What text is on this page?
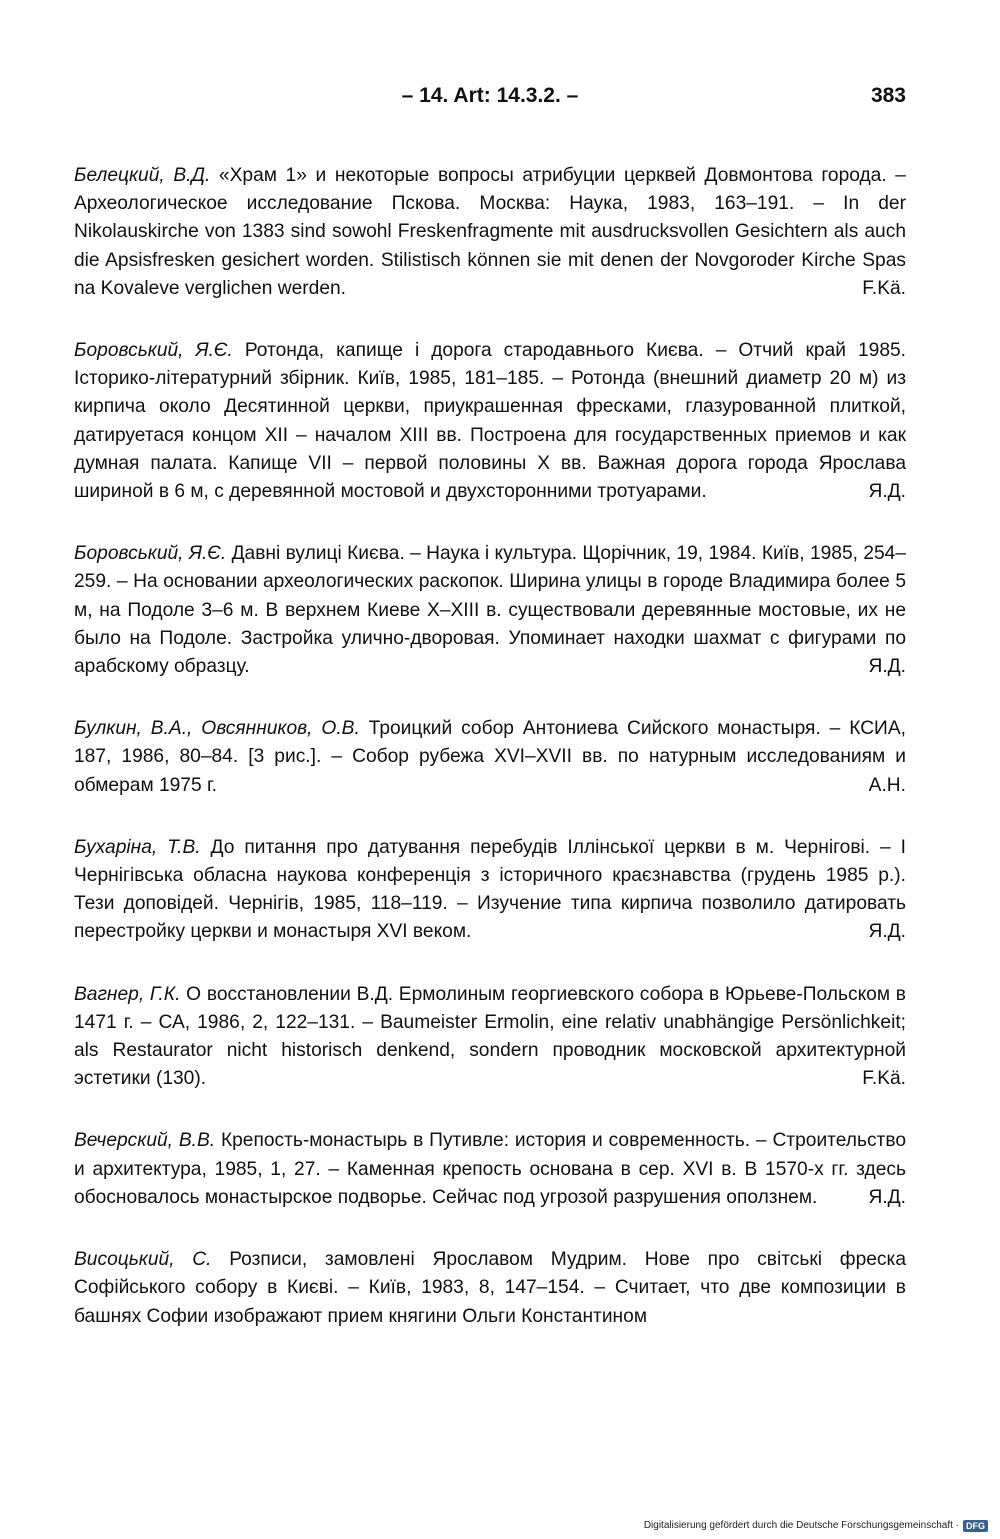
– 14. Art: 14.3.2. –	383

Белецкий, В.Д. «Храм 1» и некоторые вопросы атрибуции церквей Довмонтова города. – Археологическое исследование Пскова. Москва: Наука, 1983, 163–191. – In der Nikolauskirche von 1383 sind sowohl Freskenfragmente mit ausdrucksvollen Gesichtern als auch die Apsisfresken gesichert worden. Stilistisch können sie mit denen der Novgoroder Kirche Spas na Kovaleve verglichen werden.	F.Kä.

Боровський, Я.Є. Ротонда, капище і дорога стародавнього Києва. – Отчий край 1985. Історико-літературний збірник. Київ, 1985, 181–185. – Ротонда (внешний диаметр 20 м) из кирпича около Десятинной церкви, приукрашенная фресками, глазурованной плиткой, датируетася концом XII – началом XIII вв. Построена для государственных приемов и как думная палата. Капище VII – первой половины X вв. Важная дорога города Ярослава шириной в 6 м, с деревянной мостовой и двухсторонними тротуарами.	Я.Д.

Боровський, Я.Є. Давні вулиці Києва. – Наука і культура. Щорічник, 19, 1984. Київ, 1985, 254–259. – На основании археологических раскопок. Ширина улицы в городе Владимира более 5 м, на Подоле 3–6 м. В верхнем Киеве X–XIII в. существовали деревянные мостовые, их не было на Подоле. Застройка улично-дворовая. Упоминает находки шахмат с фигурами по арабскому образцу.	Я.Д.

Булкин, В.А., Овсянников, О.В. Троицкий собор Антониева Сийского монастыря. – КСИА, 187, 1986, 80–84. [3 рис.]. – Собор рубежа XVI–XVII вв. по натурным исследованиям и обмерам 1975 г.	А.Н.

Бухаріна, Т.В. До питання про датування перебудів Іллінської церкви в м. Чернігові. – І Чернігівська обласна наукова конференція з історичного краєзнавства (грудень 1985 р.). Тези доповідей. Чернігів, 1985, 118–119. – Изучение типа кирпича позволило датировать перестройку церкви и монастыря XVI веком.	Я.Д.

Вагнер, Г.К. О восстановлении В.Д. Ермолиным георгиевского собора в Юрьеве-Польском в 1471 г. – СА, 1986, 2, 122–131. – Baumeister Ermolin, eine relativ unabhängige Persönlichkeit; als Restaurator nicht historisch denkend, sondern проводник московской архитектурной эстетики (130).	F.Kä.

Вечерский, В.В. Крепость-монастырь в Путивле: история и современность. – Строительство и архитектура, 1985, 1, 27. – Каменная крепость основана в сер. XVI в. В 1570-х гг. здесь обосновалось монастырское подворье. Сейчас под угрозой разрушения оползнем.	Я.Д.

Висоцький, С. Розписи, замовлені Ярославом Мудрим. Нове про світські фреска Софійського собору в Києві. – Київ, 1983, 8, 147–154. – Считает, что две композиции в башнях Софии изображают прием княгини Ольги Константином

Digitalisierung gefördert durch die Deutsche Forschungsgemeinschaft · DFG
